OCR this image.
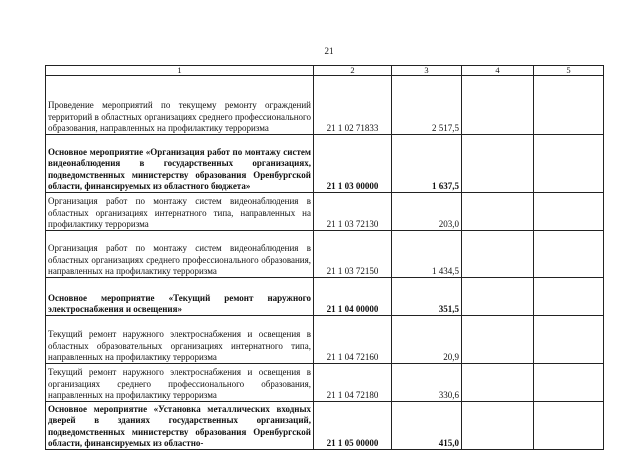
21
1	2	3	4	5
Проведение мероприятий по текущему ремонту ограждений территорий в областных организациях среднего профессионального образования, направленных на профилактику терроризма	21 1 02 71833	2 517,5		
Основное мероприятие «Организация работ по монтажу систем видеонаблюдения в государственных организациях, подведомственных министерству образования Оренбургской области, финансируемых из областного бюджета»	21 1 03 00000	1 637,5		
Организация работ по монтажу систем видеонаблюдения в областных организациях интернатного типа, направленных на профилактику терроризма	21 1 03 72130	203,0		
Организация работ по монтажу систем видеонаблюдения в областных организациях среднего профессионального образования, направленных на профилактику терроризма	21 1 03 72150	1 434,5		
Основное мероприятие «Текущий ремонт наружного электроснабжения и освещения»	21 1 04 00000	351,5		
Текущий ремонт наружного электроснабжения и освещения в областных образовательных организациях интернатного типа, направленных на профилактику терроризма	21 1 04 72160	20,9		
Текущий ремонт наружного электроснабжения и освещения в организациях среднего профессионального образования, направленных на профилактику терроризма	21 1 04 72180	330,6		
Основное мероприятие «Установка металлических входных дверей в зданиях государственных организаций, подведомственных министерству образования Оренбургской области, финансируемых из областно-	21 1 05 00000	415,0		
